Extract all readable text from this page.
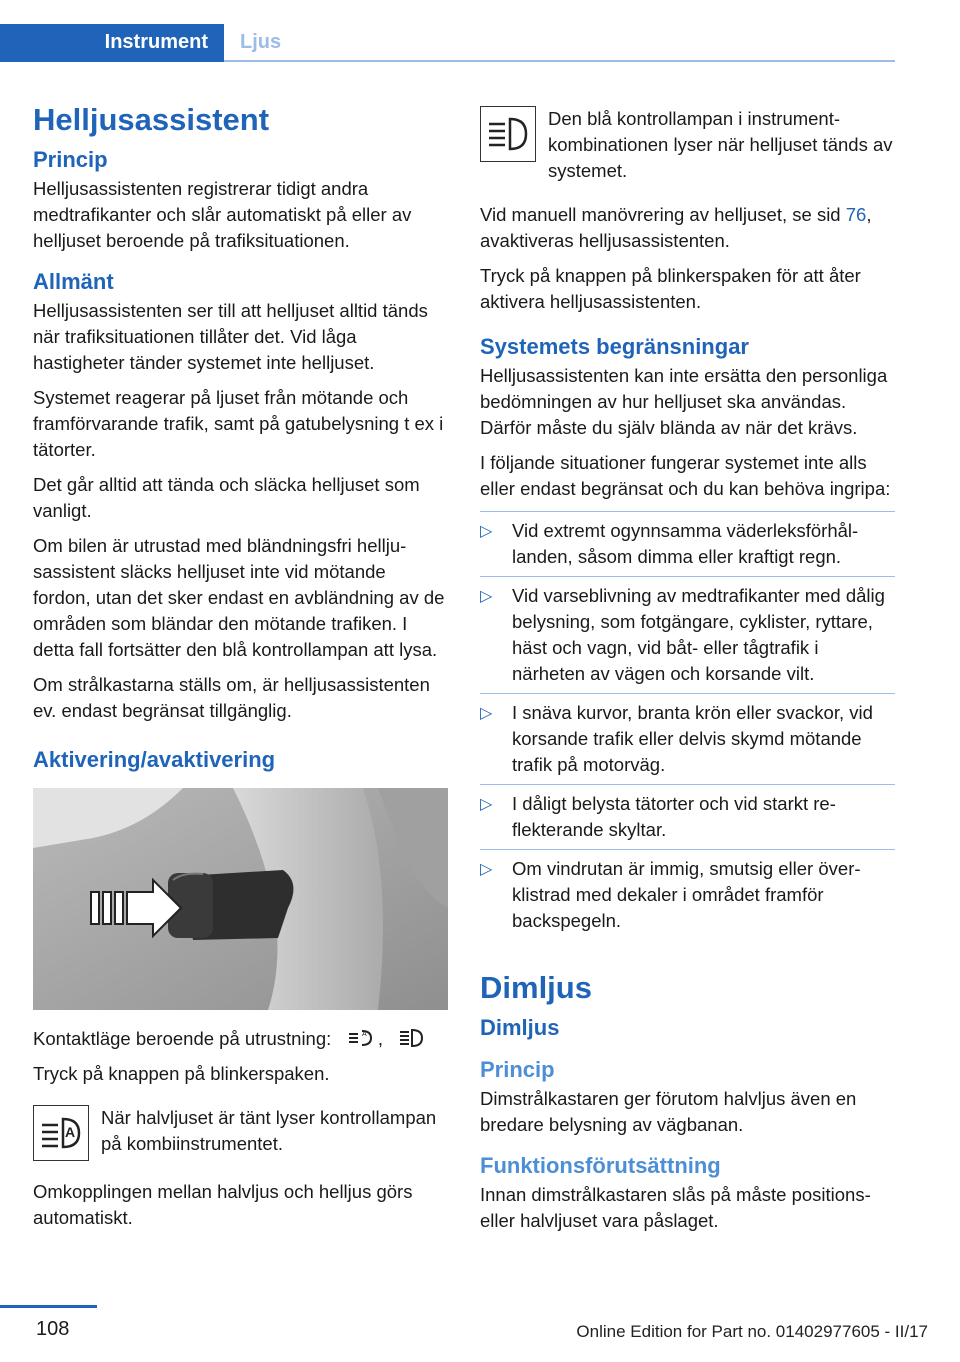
Instrument Ljus
Helljusassistent
Princip

Helljusassistenten registrerar tidigt andra medtrafikanter och slår automatiskt på eller av helljuset beroende på trafiksituationen.

Allmänt

Helljusassistenten ser till att helljuset alltid tänds när trafiksituationen tillåter det. Vid låga hastigheter tänder systemet inte helljuset.

Systemet reagerar på ljuset från mötande och framförvarande trafik, samt på gatubelysning t ex i tätorter.

Det går alltid att tända och släcka helljuset som vanligt.

Om bilen är utrustad med bländningsfri helljusassistent släcks helljuset inte vid mötande fordon, utan det sker endast en avbländning av de områden som bländar den mötande trafiken. I detta fall fortsätter den blå kontrollampan att lysa.

Om strålkastarna ställs om, är helljusassistenten ev. endast begränsat tillgänglig.

Aktivering/avaktivering

Kontaktläge beroende på utrustning:	A ,

Tryck på knappen på blinkerspaken.

A
När halvljuset är tänt lyser kontrollampan på kombiinstrumentet.

Omkopplingen mellan halvljus och helljus görs automatiskt.

Den blå kontrollampan i instrumentkombinationen lyser när helljuset tänds av systemet.

Vid manuell manövrering av helljuset, se sid 76, avaktiveras helljusassistenten.

Tryck på knappen på blinkerspaken för att åter aktivera helljusassistenten.

Systemets begränsningar

Helljusassistenten kan inte ersätta den personliga bedömningen av hur helljuset ska användas. Därför måste du själv blända av när det krävs.

I följande situationer fungerar systemet inte alls eller endast begränsat och du kan behöva ingripa:

▷ Vid extremt ogynnsamma väderleksförhållanden, såsom dimma eller kraftigt regn.
▷ Vid varseblivning av medtrafikanter med dålig belysning, som fotgängare, cyklister, ryttare, häst och vagn, vid båt- eller tågtrafik i närheten av vägen och korsande vilt.
▷ I snäva kurvor, branta krön eller svackor, vid korsande trafik eller delvis skymd mötande trafik på motorväg.
▷ I dåligt belysta tätorter och vid starkt reflekterande skyltar.
▷ Om vindrutan är immig, smutsig eller överklistrad med dekaler i området framför backspegeln.
Dimljus
Dimljus
Princip

Dimstrålkastaren ger förutom halvljus även en bredare belysning av vägbanan.

Funktionsförutsättning

Innan dimstrålkastaren slås på måste positions- eller halvljuset vara påslaget.

108	Online Edition for Part no. 01402977605 - II/17
